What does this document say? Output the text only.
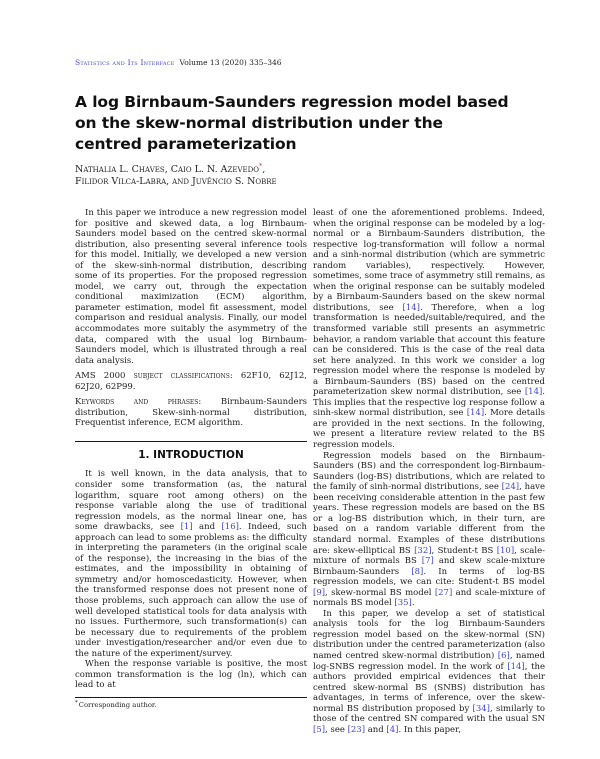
Statistics and Its Interface Volume 13 (2020) 335–346
A log Birnbaum-Saunders regression model based
on the skew-normal distribution under the
centred parameterization
Nathalia L. Chaves, Caio L. N. Azevedo*,
Filidor Vilca-Labra, and Juvêncio S. Nobre

In this paper we introduce a new regression model for positive and skewed data, a log Birnbaum-Saunders model based on the centred skew-normal distribution, also presenting several inference tools for this model. Initially, we developed a new version of the skew-sinh-normal distribution, describing some of its properties. For the proposed regression model, we carry out, through the expectation conditional maximization (ECM) algorithm, parameter estimation, model fit assessment, model comparison and residual analysis. Finally, our model accommodates more suitably the asymmetry of the data, compared with the usual log Birnbaum-Saunders model, which is illustrated through a real data analysis.

AMS 2000 subject classifications: 62F10, 62J12, 62J20, 62P99.

Keywords and phrases: Birnbaum-Saunders distribution, Skew-sinh-normal distribution, Frequentist inference, ECM algorithm.

1. INTRODUCTION

It is well known, in the data analysis, that to consider some transformation (as, the natural logarithm, square root among others) on the response variable along the use of traditional regression models, as the normal linear one, has some drawbacks, see [1] and [16]. Indeed, such approach can lead to some problems as: the difficulty in interpreting the parameters (in the original scale of the response), the increasing in the bias of the estimates, and the impossibility in obtaining of symmetry and/or homoscedasticity. However, when the transformed response does not present none of those problems, such approach can allow the use of well developed statistical tools for data analysis with no issues. Furthermore, such transformation(s) can be necessary due to requirements of the problem under investigation/researcher and/or even due to the nature of the experiment/survey.

When the response variable is positive, the most common transformation is the log (ln), which can lead to at

*Corresponding author.

least of one the aforementioned problems. Indeed, when the original response can be modeled by a log-normal or a Birnbaum-Saunders distribution, the respective log-transformation will follow a normal and a sinh-normal distribution (which are symmetric random variables), respectively. However, sometimes, some trace of asymmetry still remains, as when the original response can be suitably modeled by a Birnbaum-Saunders based on the skew normal distributions, see [14]. Therefore, when a log transformation is needed/suitable/required, and the transformed variable still presents an asymmetric behavior, a random variable that account this feature can be considered. This is the case of the real data set here analyzed. In this work we consider a log regression model where the response is modeled by a Birnbaum-Saunders (BS) based on the centred parameterization skew normal distribution, see [14]. This implies that the respective log response follow a sinh-skew normal distribution, see [14]. More details are provided in the next sections. In the following, we present a literature review related to the BS regression models.

Regression models based on the Birnbaum-Saunders (BS) and the correspondent log-Birnbaum-Saunders (log-BS) distributions, which are related to the family of sinh-normal distributions, see [24], have been receiving considerable attention in the past few years. These regression models are based on the BS or a log-BS distribution which, in their turn, are based on a random variable different from the standard normal. Examples of these distributions are: skew-elliptical BS [32], Student-t BS [10], scale-mixture of normals BS [7] and skew scale-mixture Birnbaum-Saunders [8]. In terms of log-BS regression models, we can cite: Student-t BS model [9], skew-normal BS model [27] and scale-mixture of normals BS model [35].

In this paper, we develop a set of statistical analysis tools for the log Birnbaum-Saunders regression model based on the skew-normal (SN) distribution under the centred parameterization (also named centred skew-normal distribution) [6], named log-SNBS regression model. In the work of [14], the authors provided empirical evidences that their centred skew-normal BS (SNBS) distribution has advantages, in terms of inference, over the skew-normal BS distribution proposed by [34], similarly to those of the centred SN compared with the usual SN [5], see [23] and [4]. In this paper,
